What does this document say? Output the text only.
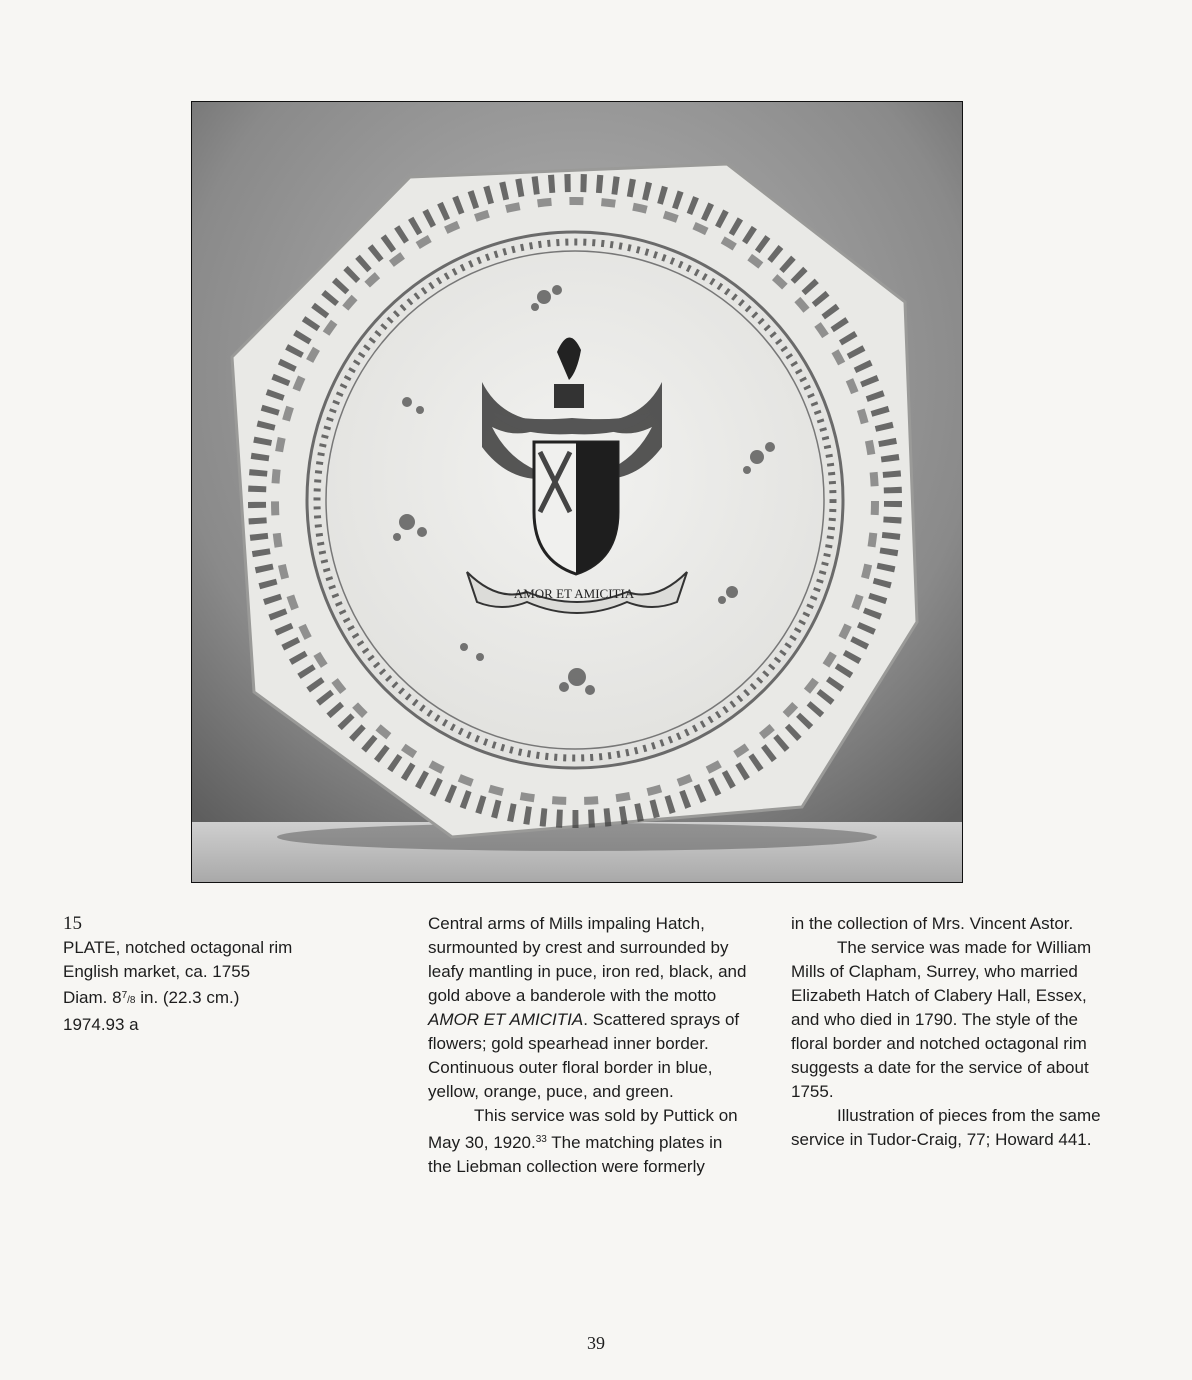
AMOR ET AMICITIA

15

PLATE, notched octagonal rim

English market, ca. 1755

Diam. $8^7/8$ in. (22.3 cm.)

1974.93 a

Central arms of Mills impaling Hatch, surmounted by crest and surrounded by leafy mantling in puce, iron red, black, and gold above a banderole with the motto AMOR ET AMICITIA. Scattered sprays of flowers; gold spearhead inner border. Continuous outer floral border in blue, yellow, orange, puce, and green.

This service was sold by Puttick on May 30, 1920.33 The matching plates in the Liebman collection were formerly

in the collection of Mrs. Vincent Astor.

The service was made for William Mills of Clapham, Surrey, who married Elizabeth Hatch of Clabery Hall, Essex, and who died in 1790. The style of the floral border and notched octagonal rim suggests a date for the service of about 1755.

Illustration of pieces from the same service in Tudor-Craig, 77; Howard 441.

39
